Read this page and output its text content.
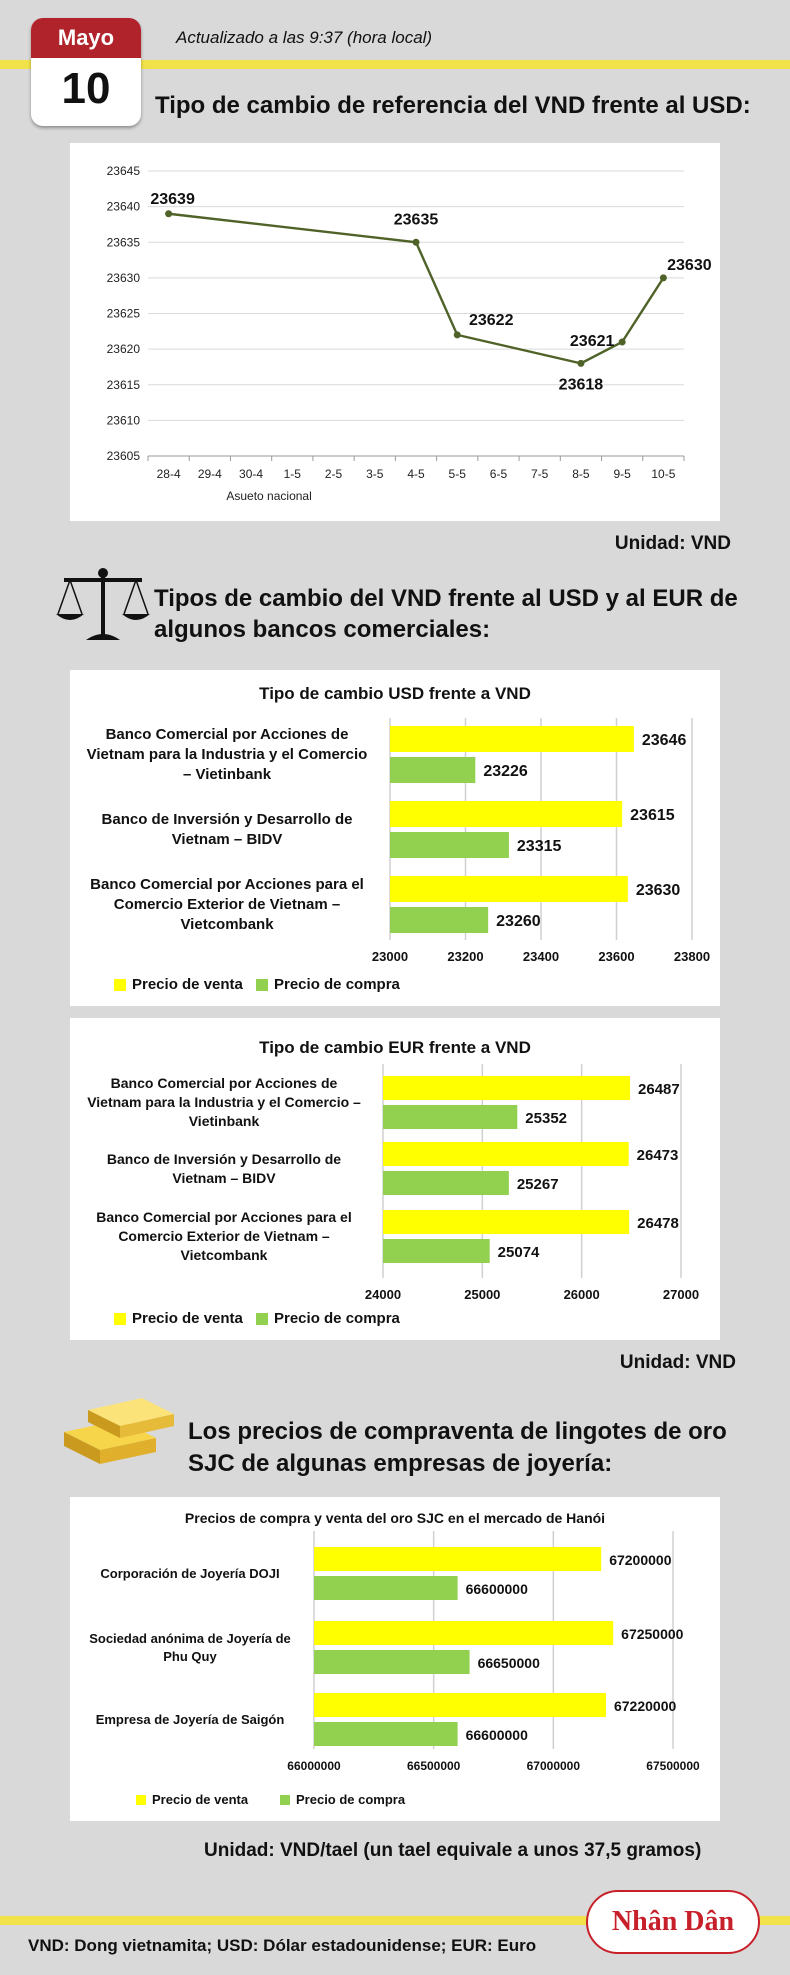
Mayo
10
Actualizado a las 9:37 (hora local)
Tipo de cambio de referencia del VND frente al USD:
23605
23610
23615
23620
23625
23630
23635
23640
23645
28-4 29-4 30-4 1-5 2-5 3-5 4-5 5-5 6-5 7-5 8-5 9-5 10-5
Asueto nacional
23639
23635
23622
23618
23621
23630
Unidad: VND
Tipos de cambio del VND frente al USD y al EUR de
algunos bancos comerciales:
Tipo de cambio USD frente a VND
Banco Comercial por Acciones de
Vietnam para la Industria y el Comercio
– Vietinbank
Banco de Inversión y Desarrollo de
Vietnam – BIDV
Banco Comercial por Acciones para el
Comercio Exterior de Vietnam –
Vietcombank
23000	23200	23400	23600	23800
23646
23226
23615
23315
23630
23260
Precio de venta Precio de compra
Tipo de cambio EUR frente a VND
Banco Comercial por Acciones de
Vietnam para la Industria y el Comercio –
Vietinbank
Banco de Inversión y Desarrollo de
Vietnam – BIDV
Banco Comercial por Acciones para el
Comercio Exterior de Vietnam –
Vietcombank
24000	25000	26000	27000
26487
25352
26473
25267
26478
25074
Precio de venta Precio de compra
Unidad: VND
Los precios de compraventa de lingotes de oro
SJC de algunas empresas de joyería:
Precios de compra y venta del oro SJC en el mercado de Hanói
Corporación de Joyería DOJI
Sociedad anónima de Joyería de
Phu Quy
Empresa de Joyería de Saigón
66000000	66500000	67000000	67500000
67200000
66600000
67250000
66650000
67220000
66600000
Precio de venta	Precio de compra
Unidad: VND/tael (un tael equivale a unos 37,5 gramos)
Nhân Dân
VND: Dong vietnamita; USD: Dólar estadounidense; EUR: Euro
